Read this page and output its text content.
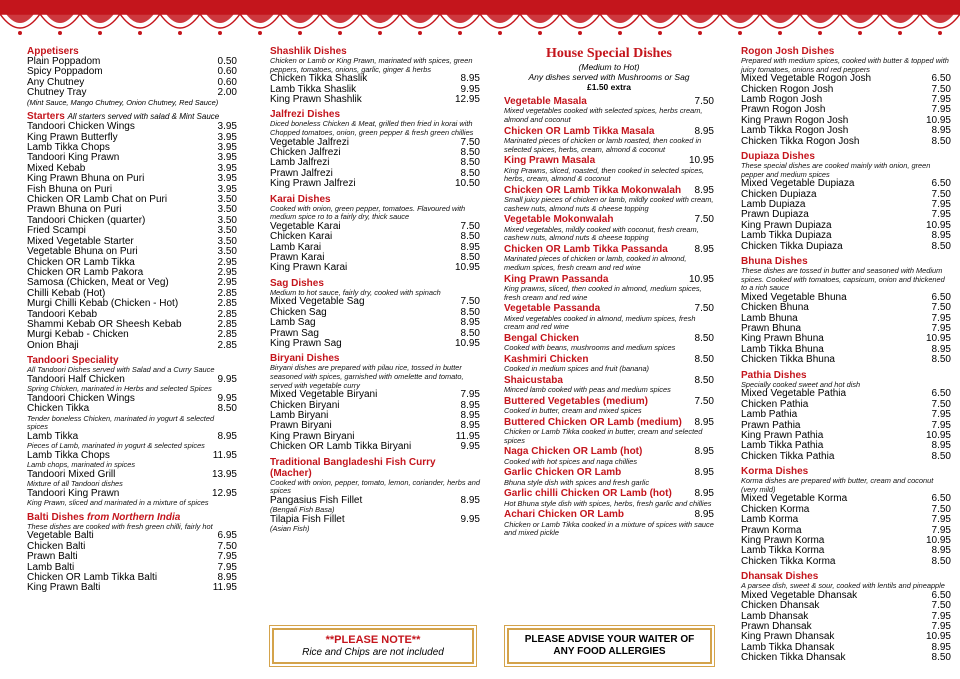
Appetisers
Plain Poppadom	0.50
Spicy Poppadom	0.60
Any Chutney	0.60
Chutney Tray	2.00
(Mint Sauce, Mango Chutney, Onion Chutney, Red Sauce)
Starters All starters served with salad & Mint Sauce
Tandoori Chicken Wings	3.95
King Prawn Butterfly	3.95
Lamb Tikka Chops	3.95
Tandoori King Prawn	3.95
Mixed Kebab	3.95
King Prawn Bhuna on Puri	3.95
Fish Bhuna on Puri	3.95
Chicken OR Lamb Chat on Puri	3.50
Prawn Bhuna on Puri	3.50
Tandoori Chicken (quarter)	3.50
Fried Scampi	3.50
Mixed Vegetable Starter	3.50
Vegetable Bhuna on Puri	3.50
Chicken OR Lamb Tikka	2.95
Chicken OR Lamb Pakora	2.95
Samosa (Chicken, Meat or Veg)	2.95
Chilli Kebab (Hot)	2.85
Murgi Chilli Kebab (Chicken - Hot)	2.85
Tandoori Kebab	2.85
Shammi Kebab OR Sheesh Kebab	2.85
Murgi Kebab - Chicken	2.85
Onion Bhaji	2.85
Tandoori Speciality
All Tandoori Dishes served with Salad and a Curry Sauce
Tandoori Half Chicken	9.95
Spring Chicken, marinated in Herbs and selected Spices
Tandoori Chicken Wings	9.95
Chicken Tikka	8.50
Tender boneless Chicken, marinated in yogurt & selected spices
Lamb Tikka	8.95
Pieces of Lamb, marinated in yogurt & selected spices
Lamb Tikka Chops	11.95
Lamb chops, marinated in spices
Tandoori Mixed Grill	13.95
Mixture of all Tandoori dishes
Tandoori King Prawn	12.95
King Prawn, sliced and marinated in a mixture of spices
Balti Dishes from Northern India
These dishes are cooked with fresh green chilli, fairly hot
Vegetable Balti	6.95
Chicken Balti	7.50
Prawn Balti	7.95
Lamb Balti	7.95
Chicken OR Lamb Tikka Balti	8.95
King Prawn Balti	11.95
Shashlik Dishes
Chicken or Lamb or King Prawn, marinated with spices, green peppers, tomatoes, onions, garlic, ginger & herbs
Chicken Tikka Shaslik	8.95
Lamb Tikka Shaslik	9.95
King Prawn Shashlik	12.95
Jalfrezi Dishes
Diced boneless Chicken & Meat, grilled then fried in korai with Chopped tomatoes, onion, green pepper & fresh green chillies
Vegetable Jalfrezi	7.50
Chicken Jalfrezi	8.50
Lamb Jalfrezi	8.50
Prawn Jalfrezi	8.50
King Prawn Jalfrezi	10.50
Karai Dishes
Cooked with onion, green pepper, tomatoes. Flavoured with medium spice ro to a fairly dry, thick sauce
Vegetable Karai	7.50
Chicken Karai	8.50
Lamb Karai	8.95
Prawn Karai	8.50
King Prawn Karai	10.95
Sag Dishes
Medium to hot sauce, fairly dry, cooked with spinach
Mixed Vegetable Sag	7.50
Chicken Sag	8.50
Lamb Sag	8.95
Prawn Sag	8.50
King Prawn Sag	10.95
Biryani Dishes
Biryani dishes are prepared with pilau rice, tossed in butter seasoned with spices, garnished with omelette and tomato, served with vegetable curry
Mixed Vegetable Biryani	7.95
Chicken Biryani	8.95
Lamb Biryani	8.95
Prawn Biryani	8.95
King Prawn Biryani	11.95
Chicken OR Lamb Tikka Biryani	9.95
Traditional Bangladeshi Fish Curry (Macher)
Cooked with onion, pepper, tomato, lemon, coriander, herbs and spices
Pangasius Fish Fillet	8.95
(Bengali Fish Basa)
Tilapia Fish Fillet	9.95
(Asian Fish)
House Special Dishes
(Medium to Hot)
Any dishes served with Mushrooms or Sag
£1.50 extra
Vegetable Masala	7.50
Mixed vegetables cooked with selected spices, herbs cream, almond and coconut
Chicken OR Lamb Tikka Masala	8.95
Marinated pieces of chicken or lamb roasted, then cooked in selected spices, herbs, cream, almond & coconut
King Prawn Masala	10.95
King Prawns, sliced, roasted, then cooked in selected spices, herbs, cream, almond & coconut
Chicken OR Lamb Tikka Mokonwalah	8.95
Small juicy pieces of chicken or lamb, mildly cooked with cream, cashew nuts, almond nuts & cheese topping
Vegetable Mokonwalah	7.50
Mixed vegetables, mildly cooked with coconut, fresh cream, cashew nuts, almond nuts & cheese topping
Chicken OR Lamb Tikka Passanda	8.95
Marinated pieces of chicken or lamb, cooked in almond, medium spices, fresh cream and red wine
King Prawn Passanda	10.95
King prawns, sliced, then cooked in almond, medium spices, fresh cream and red wine
Vegetable Passanda	7.50
Mixed vegetables cooked in almond, medium spices, fresh cream and red wine
Bengal Chicken	8.50
Cooked with beans, mushrooms and medium spices
Kashmiri Chicken	8.50
Cooked in medium spices and fruit (banana)
Shaicustaba	8.50
Minced lamb cooked with peas and medium spices
Buttered Vegetables (medium)	7.50
Cooked in butter, cream and mixed spices
Buttered Chicken OR Lamb (medium)	8.95
Chicken or Lamb Tikka cooked in butter, cream and selected spices
Naga Chicken OR Lamb (hot)	8.95
Cooked with hot spices and naga chillies
Garlic Chicken OR Lamb	8.95
Bhuna style dish with spices and fresh garlic
Garlic chilli Chicken OR Lamb (hot)	8.95
Hot Bhuna style dish with spices, herbs, fresh garlic and chillies
Achari Chicken OR Lamb	8.95
Chicken or Lamb Tikka cooked in a mixture of spices with sauce and mixed pickle
Rogon Josh Dishes
Prepared with medium spices, cooked with butter & topped with juicy tomatoes, onions and red peppers
Mixed Vegetable Rogon Josh	6.50
Chicken Rogon Josh	7.50
Lamb Rogon Josh	7.95
Prawn Rogon Josh	7.95
King Prawn Rogon Josh	10.95
Lamb Tikka Rogon Josh	8.95
Chicken Tikka Rogon Josh	8.50
Dupiaza Dishes
These special dishes are cooked mainly with onion, green pepper and medium spices
Mixed Vegetable Dupiaza	6.50
Chicken Dupiaza	7.50
Lamb Dupiaza	7.95
Prawn Dupiaza	7.95
King Prawn Dupiaza	10.95
Lamb Tikka Dupiaza	8.95
Chicken Tikka Dupiaza	8.50
Bhuna Dishes
These dishes are tossed in butter and seasoned with Medium spices. Cooked with tomatoes, capsicum, onion and thickened to a rich sauce
Mixed Vegetable Bhuna	6.50
Chicken Bhuna	7.50
Lamb Bhuna	7.95
Prawn Bhuna	7.95
King Prawn Bhuna	10.95
Lamb Tikka Bhuna	8.95
Chicken Tikka Bhuna	8.50
Pathia Dishes
Specially cooked sweet and hot dish
Mixed Vegetable Pathia	6.50
Chicken Pathia	7.50
Lamb Pathia	7.95
Prawn Pathia	7.95
King Prawn Pathia	10.95
Lamb Tikka Pathia	8.95
Chicken Tikka Pathia	8.50
Korma Dishes
Korma dishes are prepared with butter, cream and coconut (very mild)
Mixed Vegetable Korma	6.50
Chicken Korma	7.50
Lamb Korma	7.95
Prawn Korma	7.95
King Prawn Korma	10.95
Lamb Tikka Korma	8.95
Chicken Tikka Korma	8.50
Dhansak Dishes
A parsee dish, sweet & sour, cooked with lentils and pineapple
Mixed Vegetable Dhansak	6.50
Chicken Dhansak	7.50
Lamb Dhansak	7.95
Prawn Dhansak	7.95
King Prawn Dhansak	10.95
Lamb Tikka Dhansak	8.95
Chicken Tikka Dhansak	8.50
**PLEASE NOTE**
Rice and Chips are not included
PLEASE ADVISE YOUR WAITER OF
ANY FOOD ALLERGIES
